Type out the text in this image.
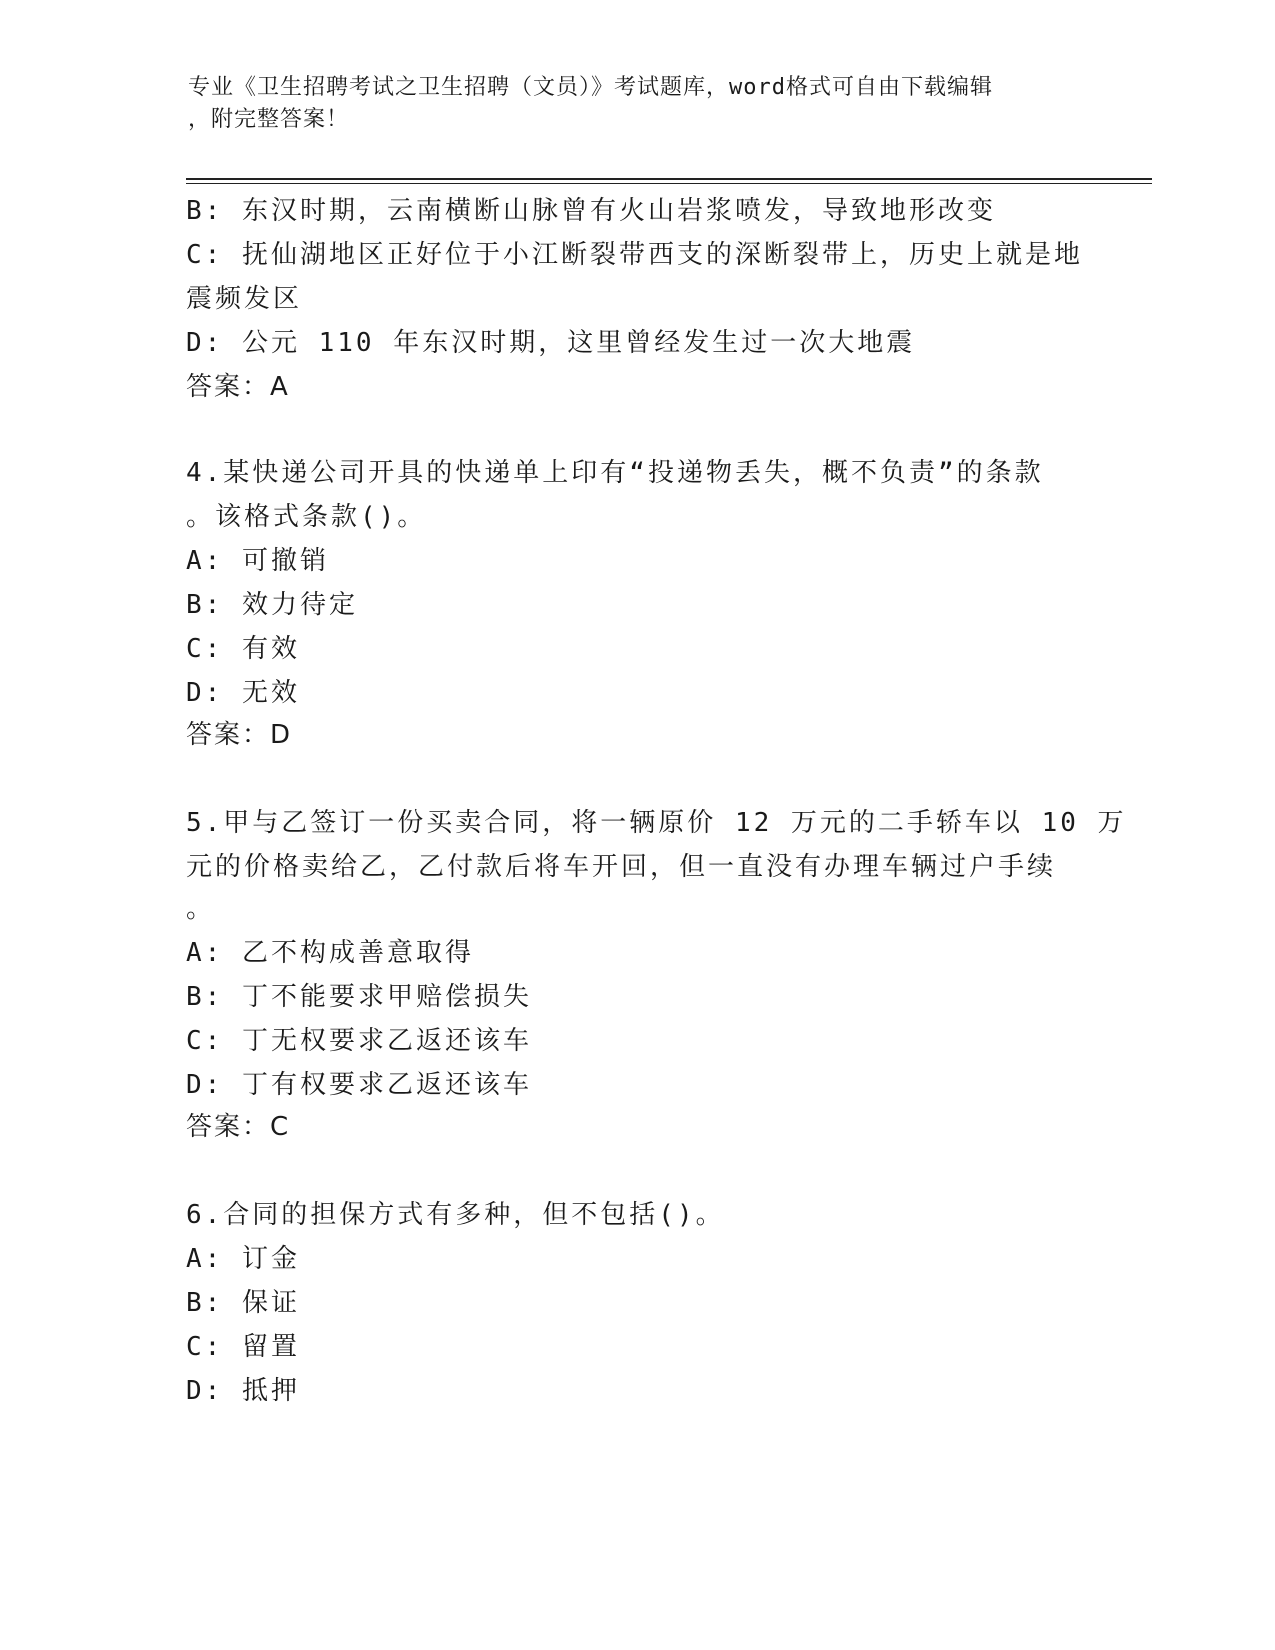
专业《卫生招聘考试之卫生招聘（文员）》考试题库，word格式可自由下载编辑
，附完整答案！
B: 东汉时期，云南横断山脉曾有火山岩浆喷发，导致地形改变
C: 抚仙湖地区正好位于小江断裂带西支的深断裂带上，历史上就是地
震频发区
D: 公元 110 年东汉时期，这里曾经发生过一次大地震
答案：A
4.某快递公司开具的快递单上印有“投递物丢失，概不负责”的条款
。该格式条款()。
A: 可撤销
B: 效力待定
C: 有效
D: 无效
答案：D
5.甲与乙签订一份买卖合同，将一辆原价 12 万元的二手轿车以 10 万
元的价格卖给乙，乙付款后将车开回，但一直没有办理车辆过户手续
。
A: 乙不构成善意取得
B: 丁不能要求甲赔偿损失
C: 丁无权要求乙返还该车
D: 丁有权要求乙返还该车
答案：C
6.合同的担保方式有多种，但不包括()。
A: 订金
B: 保证
C: 留置
D: 抵押
